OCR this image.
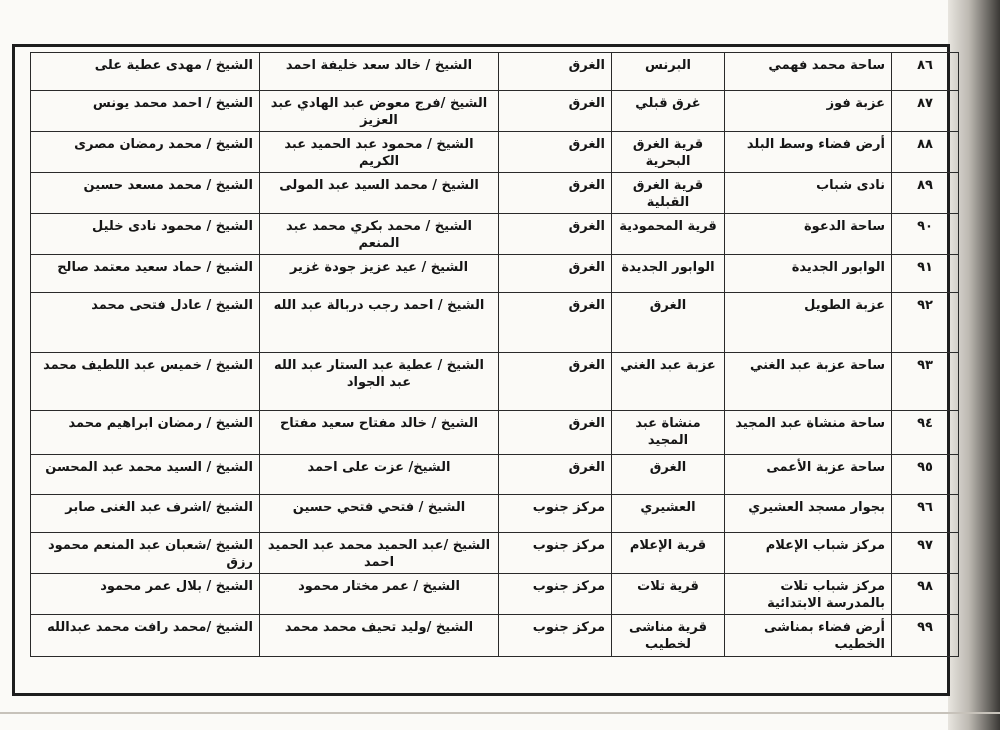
٨٦	ساحة محمد فهمي	البرنس	الغرق	الشيخ / خالد سعد خليفة احمد	الشيخ / مهدى عطية على
٨٧	عزبة فوز	غرق قبلي	الغرق	الشيخ /فرج معوض عبد الهادي عبد العزيز	الشيخ / احمد محمد يونس
٨٨	أرض فضاء وسط البلد	قرية الغرق البحرية	الغرق	الشيخ / محمود عبد الحميد عبد الكريم	الشيخ / محمد رمضان مصرى
٨٩	نادى شباب	قرية الغرق القبلية	الغرق	الشيخ / محمد السيد عبد المولى	الشيخ / محمد مسعد حسين
٩٠	ساحة الدعوة	قرية المحمودية	الغرق	الشيخ / محمد بكري محمد عبد المنعم	الشيخ / محمود نادى خليل
٩١	الوابور الجديدة	الوابور الجديدة	الغرق	الشيخ / عيد عزيز جودة غزير	الشيخ / حماد سعيد معتمد صالح
٩٢	عزبة الطويل	الغرق	الغرق	الشيخ / احمد رجب دربالة عبد الله	الشيخ / عادل فتحى محمد
٩٣	ساحة عزبة عبد الغني	عزبة عبد الغني	الغرق	الشيخ / عطية عبد الستار عبد الله عبد الجواد	الشيخ / خميس عبد اللطيف محمد
٩٤	ساحة منشاة عبد المجيد	منشاة عبد المجيد	الغرق	الشيخ / خالد مفتاح سعيد مفتاح	الشيخ / رمضان ابراهيم محمد
٩٥	ساحة عزبة الأعمى	الغرق	الغرق	الشيخ/ عزت على احمد	الشيخ / السيد محمد عبد المحسن
٩٦	بجوار مسجد العشيري	العشيري	مركز جنوب	الشيخ / فتحي فتحي حسين	الشيخ /اشرف عبد الغنى صابر
٩٧	مركز شباب الإعلام	قرية الإعلام	مركز جنوب	الشيخ /عبد الحميد محمد عبد الحميد احمد	الشيخ /شعبان عبد المنعم محمود رزق
٩٨	مركز شباب تلات بالمدرسة الابتدائية	قرية تلات	مركز جنوب	الشيخ / عمر مختار محمود	الشيخ / بلال عمر محمود
٩٩	أرض فضاء بمناشى الخطيب	قرية مناشى لخطيب	مركز جنوب	الشيخ /وليد تحيف محمد محمد	الشيخ /محمد رافت محمد عبدالله
